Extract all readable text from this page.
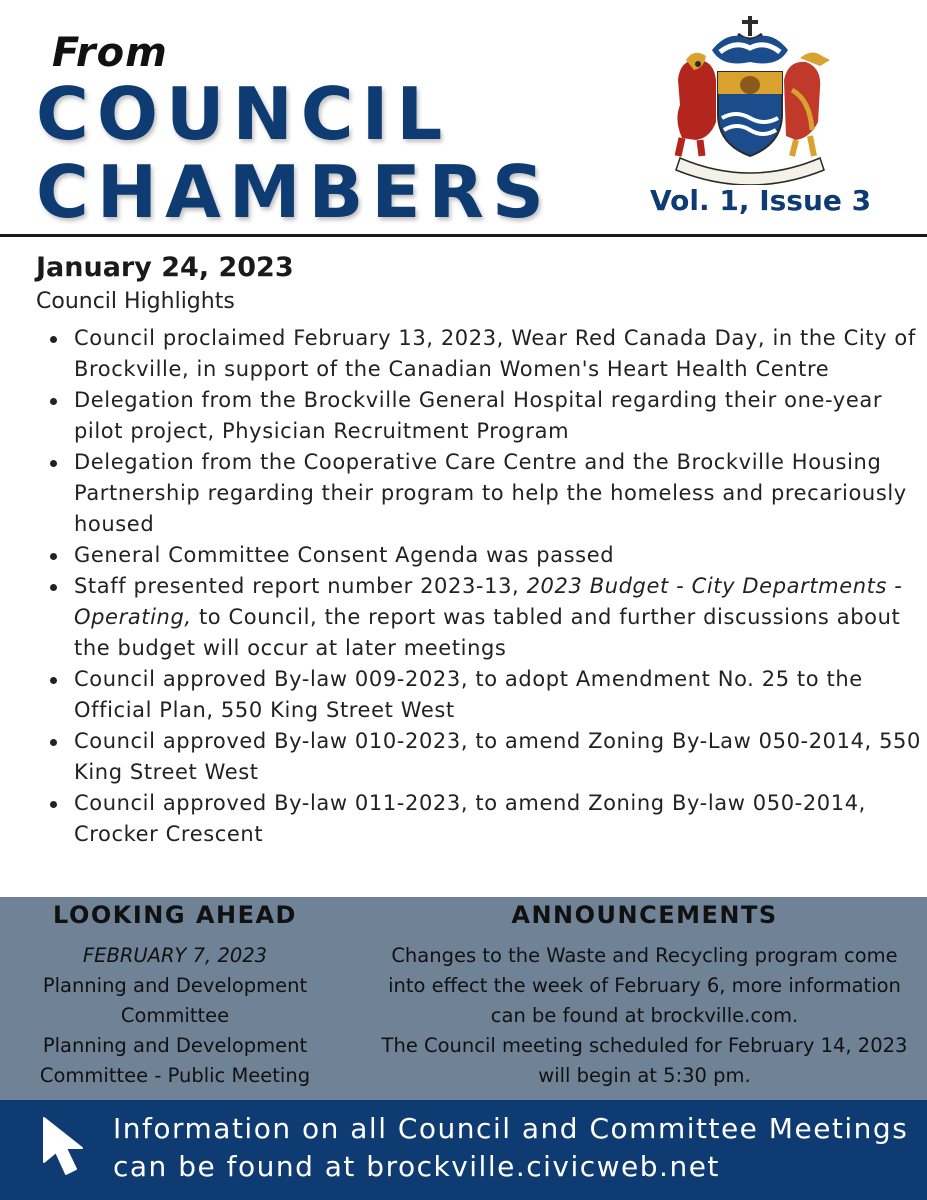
From
COUNCIL
CHAMBERS	Vol. 1, Issue 3
January 24, 2023
Council Highlights
Council proclaimed February 13, 2023, Wear Red Canada Day, in the City of Brockville, in support of the Canadian Women's Heart Health Centre
Delegation from the Brockville General Hospital regarding their one-year pilot project, Physician Recruitment Program
Delegation from the Cooperative Care Centre and the Brockville Housing Partnership regarding their program to help the homeless and precariously housed
General Committee Consent Agenda was passed
Staff presented report number 2023-13, 2023 Budget - City Departments - Operating, to Council, the report was tabled and further discussions about the budget will occur at later meetings
Council approved By-law 009-2023, to adopt Amendment No. 25 to the Official Plan, 550 King Street West
Council approved By-law 010-2023, to amend Zoning By-Law 050-2014, 550 King Street West
Council approved By-law 011-2023, to amend Zoning By-law 050-2014, Crocker Crescent
LOOKING AHEAD
FEBRUARY 7, 2023
Planning and Development Committee
Planning and Development Committee - Public Meeting
ANNOUNCEMENTS
Changes to the Waste and Recycling program come into effect the week of February 6, more information can be found at brockville.com.
The Council meeting scheduled for February 14, 2023 will begin at 5:30 pm.
Information on all Council and Committee Meetings
can be found at brockville.civicweb.net
